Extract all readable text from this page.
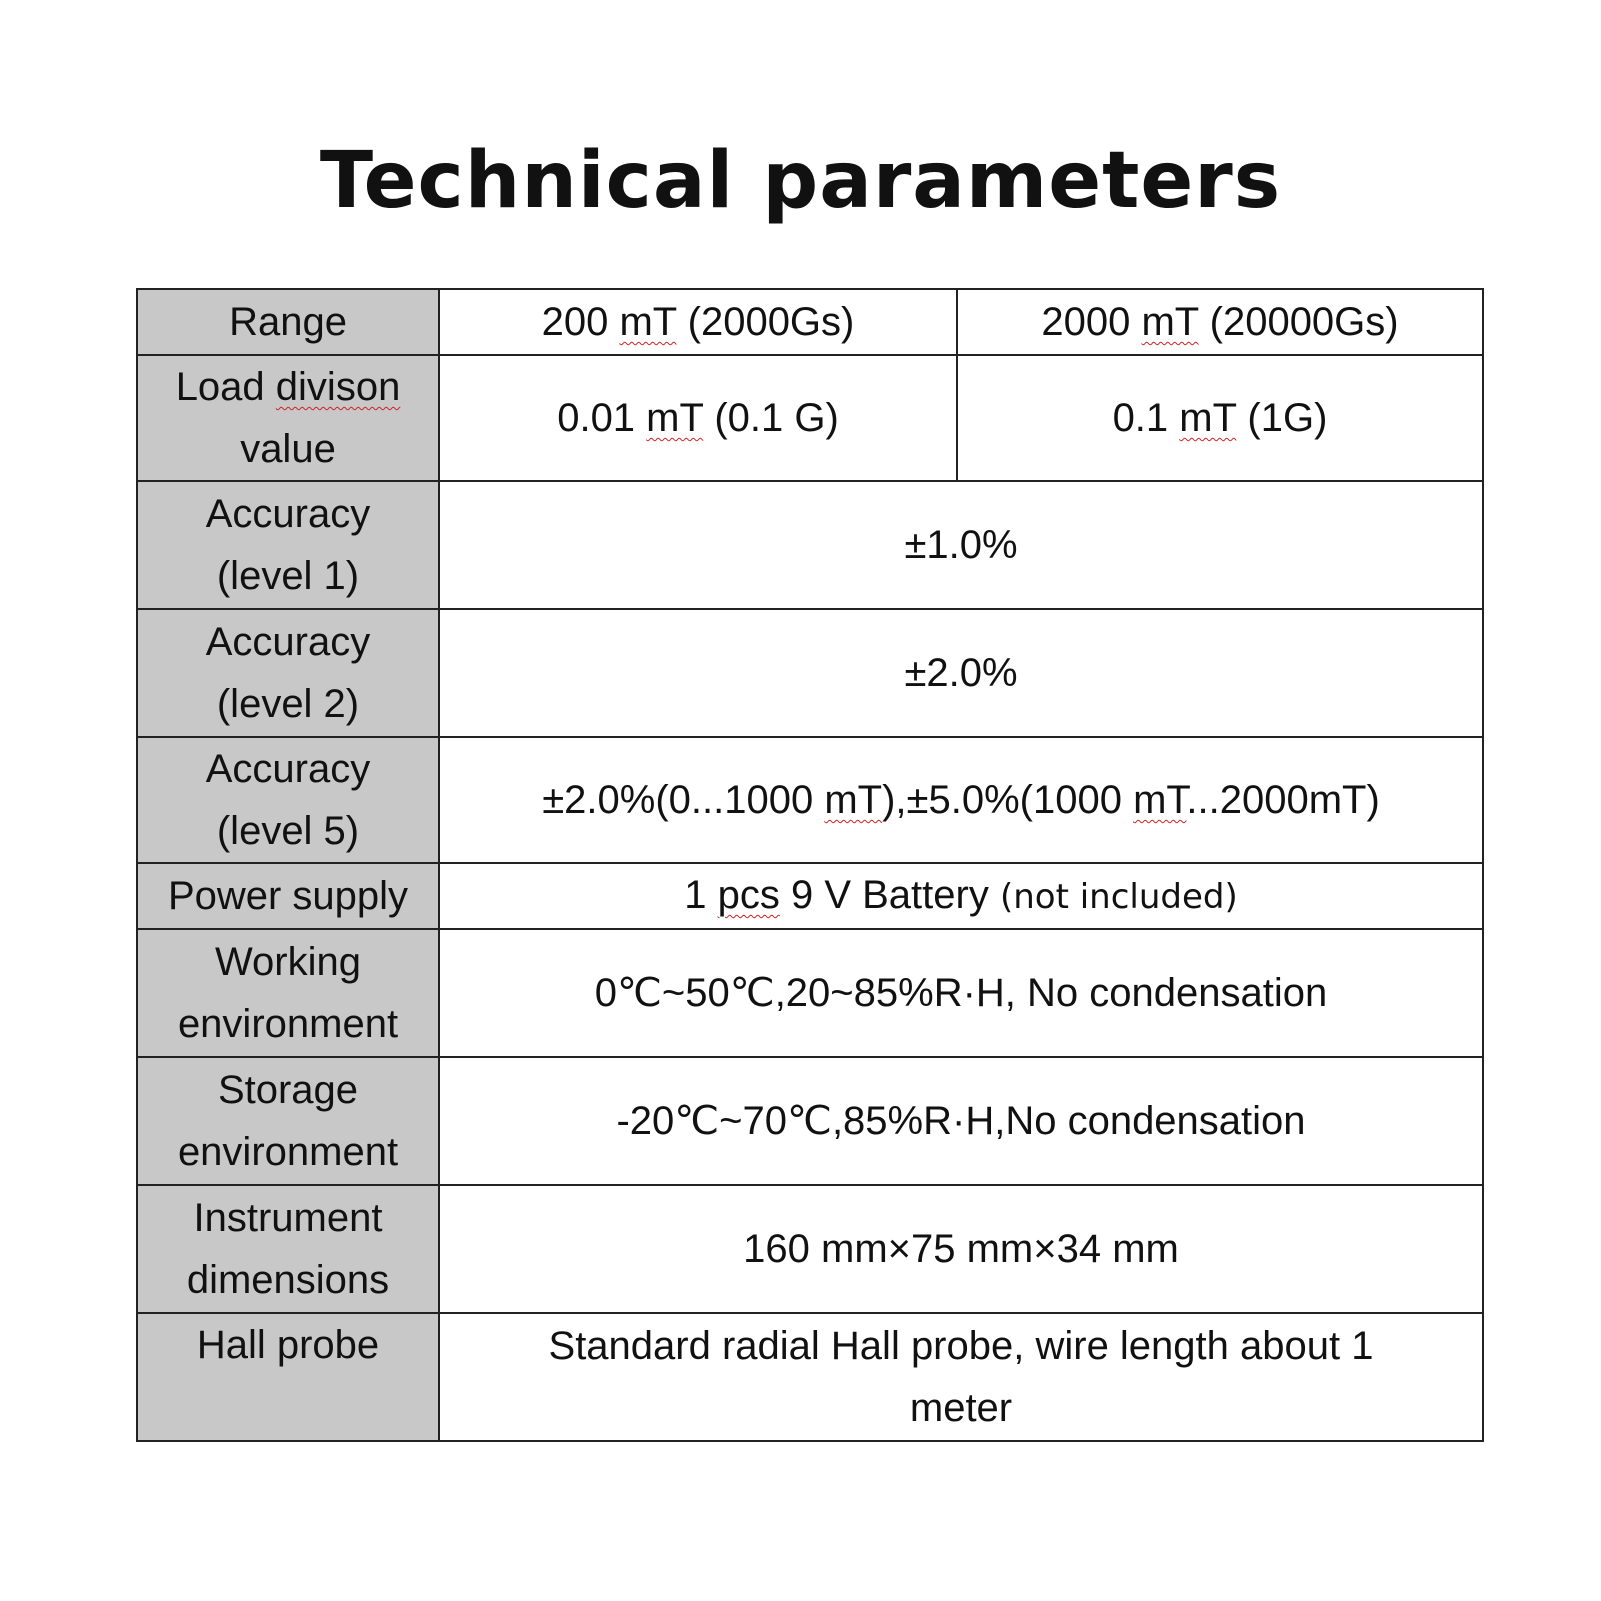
Technical parameters
Range	200 mT (2000Gs)	2000 mT (20000Gs)
Load divison
value	0.01 mT (0.1 G)	0.1 mT (1G)
Accuracy
(level 1)	±1.0%	
Accuracy
(level 2)	±2.0%	
Accuracy
(level 5)	±2.0%(0...1000 mT),±5.0%(1000 mT...2000mT)	
Power supply	1 pcs 9 V Battery (not included)	
Working
environment	0℃~50℃,20~85%R·H, No condensation	
Storage
environment	-20℃~70℃,85%R·H,No condensation	
Instrument
dimensions	160 mm×75 mm×34 mm	
Hall probe	Standard radial Hall probe, wire length about 1
meter	
